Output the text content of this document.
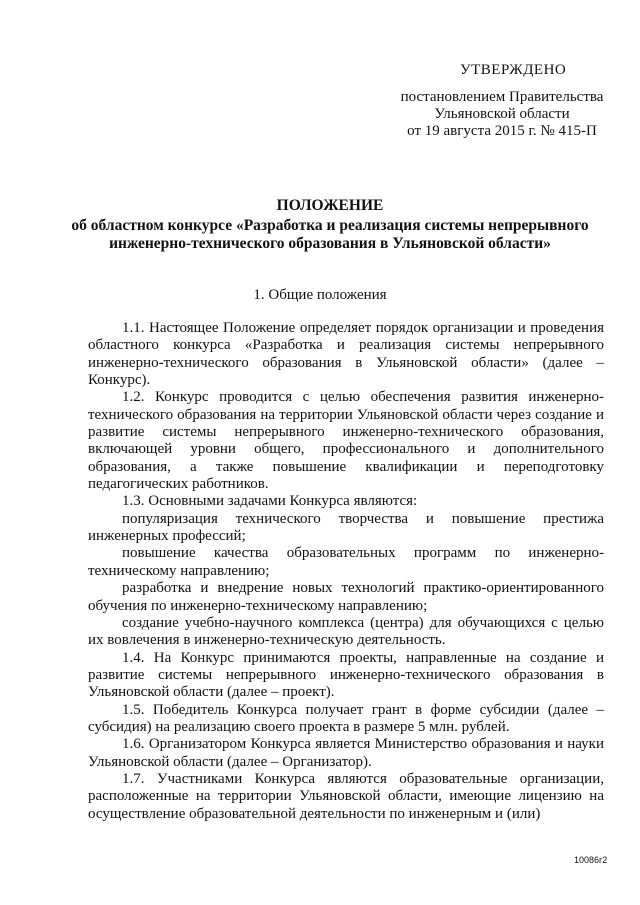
УТВЕРЖДЕНО
постановлением Правительства
Ульяновской области
от 19 августа 2015 г. № 415-П
ПОЛОЖЕНИЕ
об областном конкурсе «Разработка и реализация системы непрерывного
инженерно-технического образования в Ульяновской области»
1. Общие положения

1.1. Настоящее Положение определяет порядок организации и проведения областного конкурса «Разработка и реализация системы непрерывного инженерно-технического образования в Ульяновской области» (далее – Конкурс).

1.2. Конкурс проводится с целью обеспечения развития инженерно-технического образования на территории Ульяновской области через создание и развитие системы непрерывного инженерно-технического образования, включающей уровни общего, профессионального и дополнительного образования, а также повышение квалификации и переподготовку педагогических работников.

1.3. Основными задачами Конкурса являются:

популяризация технического творчества и повышение престижа инженерных профессий;

повышение качества образовательных программ по инженерно-техническому направлению;

разработка и внедрение новых технологий практико-ориентированного обучения по инженерно-техническому направлению;

создание учебно-научного комплекса (центра) для обучающихся с целью их вовлечения в инженерно-техническую деятельность.

1.4. На Конкурс принимаются проекты, направленные на создание и развитие системы непрерывного инженерно-технического образования в Ульяновской области (далее – проект).

1.5. Победитель Конкурса получает грант в форме субсидии (далее – субсидия) на реализацию своего проекта в размере 5 млн. рублей.

1.6. Организатором Конкурса является Министерство образования и науки Ульяновской области (далее – Организатор).

1.7. Участниками Конкурса являются образовательные организации, расположенные на территории Ульяновской области, имеющие лицензию на осуществление образовательной деятельности по инженерным и (или)

10086г2
